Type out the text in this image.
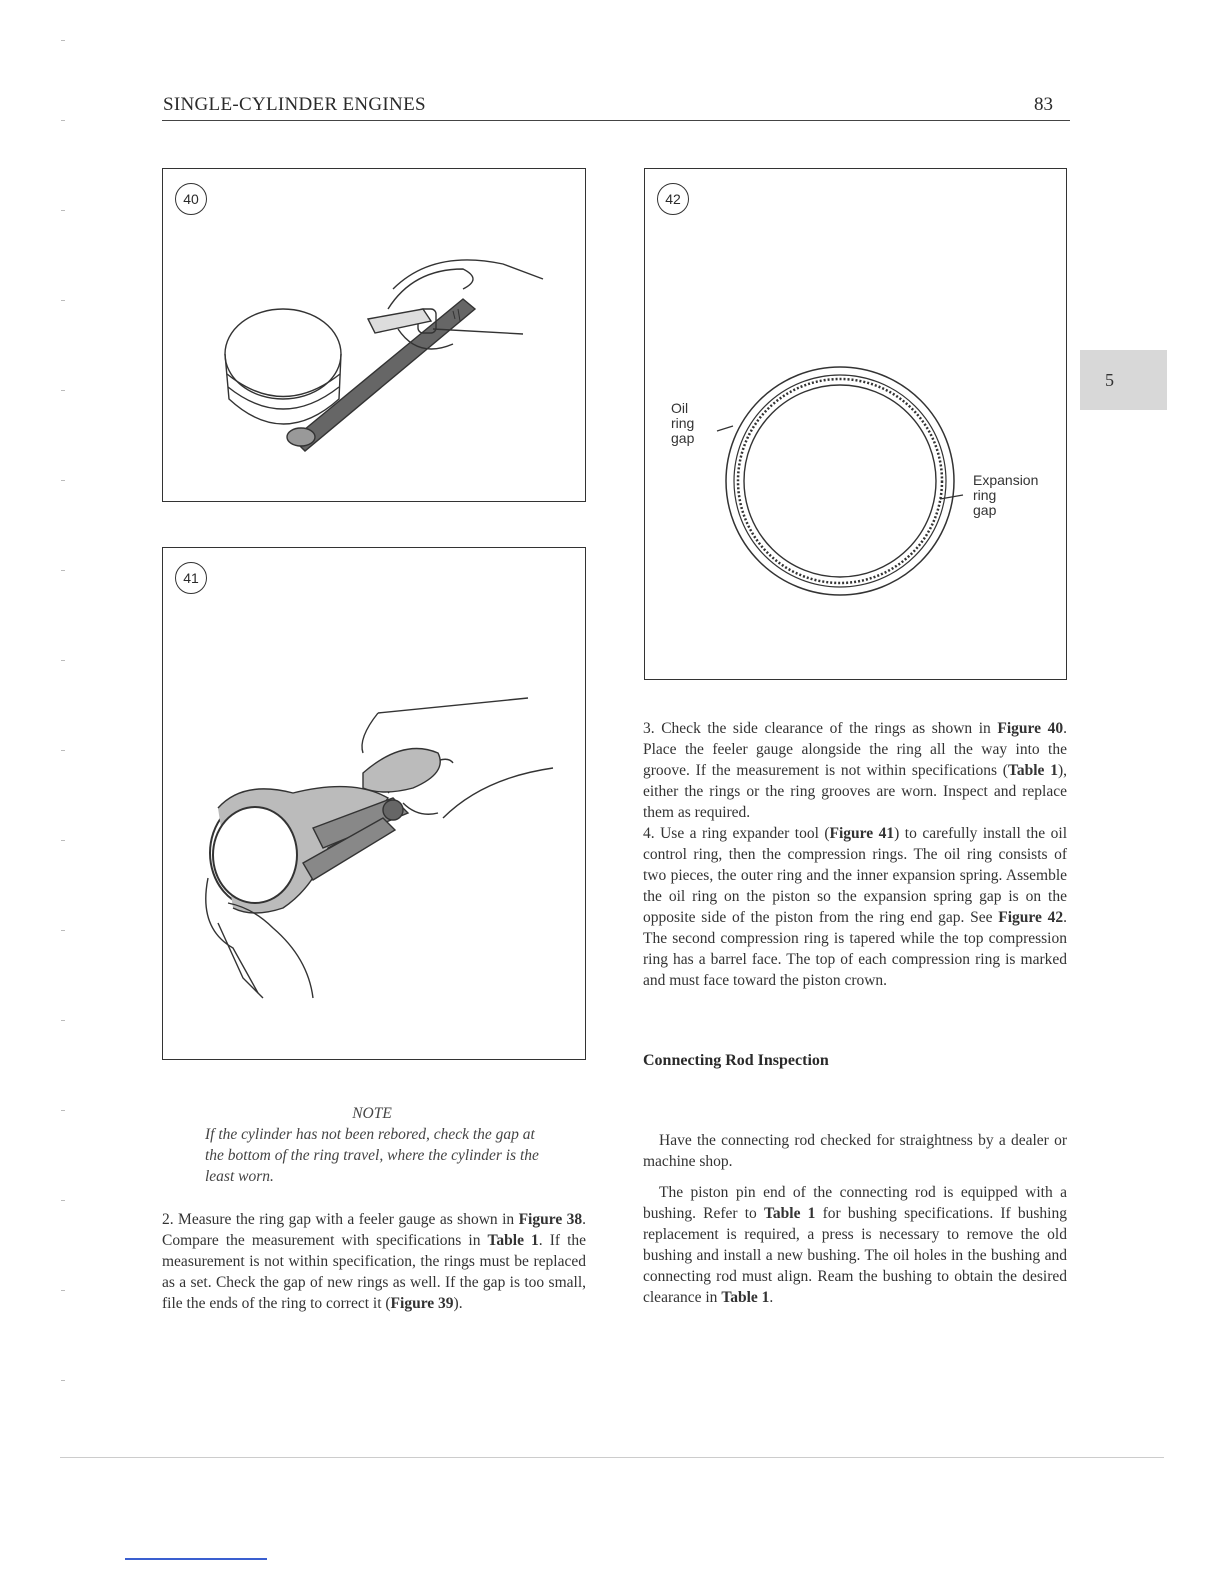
SINGLE-CYLINDER ENGINES	83
5
40
41
42
Oil
ring
gap
Expansion
ring
gap
NOTE
If the cylinder has not been rebored, check the gap at the bottom of the ring travel, where the cylinder is the least worn.

2. Measure the ring gap with a feeler gauge as shown in Figure 38. Compare the measurement with specifications in Table 1. If the measurement is not within specification, the rings must be replaced as a set. Check the gap of new rings as well. If the gap is too small, file the ends of the ring to correct it (Figure 39).

3. Check the side clearance of the rings as shown in Figure 40. Place the feeler gauge alongside the ring all the way into the groove. If the measurement is not within specifications (Table 1), either the rings or the ring grooves are worn. Inspect and replace them as required.

4. Use a ring expander tool (Figure 41) to carefully install the oil control ring, then the compression rings. The oil ring consists of two pieces, the outer ring and the inner expansion spring. Assemble the oil ring on the piston so the expansion spring gap is on the opposite side of the piston from the ring end gap. See Figure 42. The second compression ring is tapered while the top compression ring has a barrel face. The top of each compression ring is marked and must face toward the piston crown.

Connecting Rod Inspection

Have the connecting rod checked for straightness by a dealer or machine shop.

The piston pin end of the connecting rod is equipped with a bushing. Refer to Table 1 for bushing specifications. If bushing replacement is required, a press is necessary to remove the old bushing and install a new bushing. The oil holes in the bushing and connecting rod must align. Ream the bushing to obtain the desired clearance in Table 1.
